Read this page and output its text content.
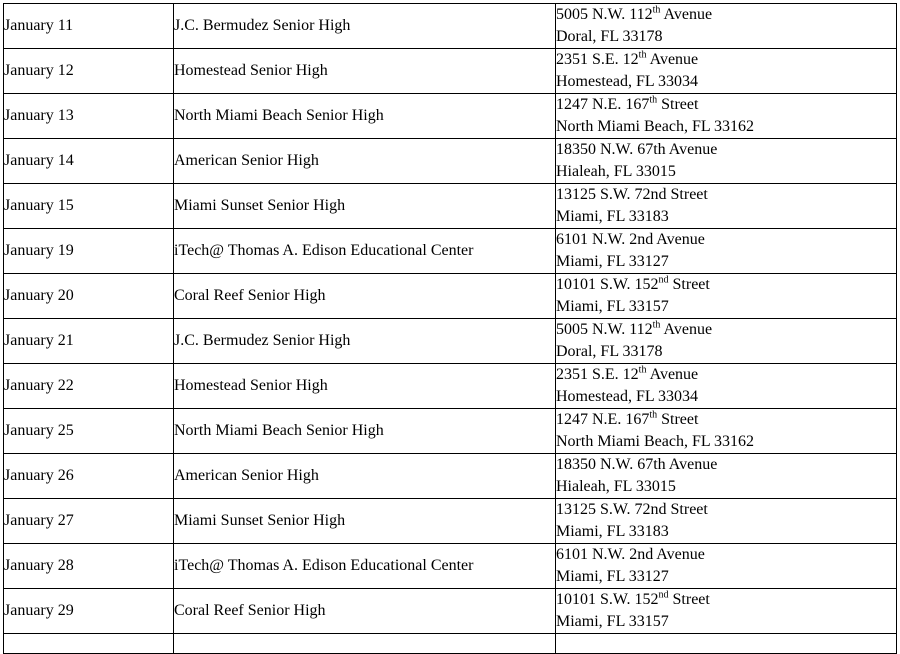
January 11	J.C. Bermudez Senior High	5005 N.W. 112th Avenue
Doral, FL 33178

January 12	Homestead Senior High	2351 S.E. 12th Avenue
Homestead, FL 33034

January 13	North Miami Beach Senior High	1247 N.E. 167th Street
North Miami Beach, FL 33162

January 14	American Senior High	18350 N.W. 67th Avenue
Hialeah, FL 33015

January 15	Miami Sunset Senior High	13125 S.W. 72nd Street
Miami, FL 33183

January 19	iTech@ Thomas A. Edison Educational Center	6101 N.W. 2nd Avenue
Miami, FL 33127

January 20	Coral Reef Senior High	10101 S.W. 152nd Street
Miami, FL 33157

January 21	J.C. Bermudez Senior High	5005 N.W. 112th Avenue
Doral, FL 33178

January 22	Homestead Senior High	2351 S.E. 12th Avenue
Homestead, FL 33034

January 25	North Miami Beach Senior High	1247 N.E. 167th Street
North Miami Beach, FL 33162

January 26	American Senior High	18350 N.W. 67th Avenue
Hialeah, FL 33015

January 27	Miami Sunset Senior High	13125 S.W. 72nd Street
Miami, FL 33183

January 28	iTech@ Thomas A. Edison Educational Center	6101 N.W. 2nd Avenue
Miami, FL 33127

January 29	Coral Reef Senior High	10101 S.W. 152nd Street
Miami, FL 33157
